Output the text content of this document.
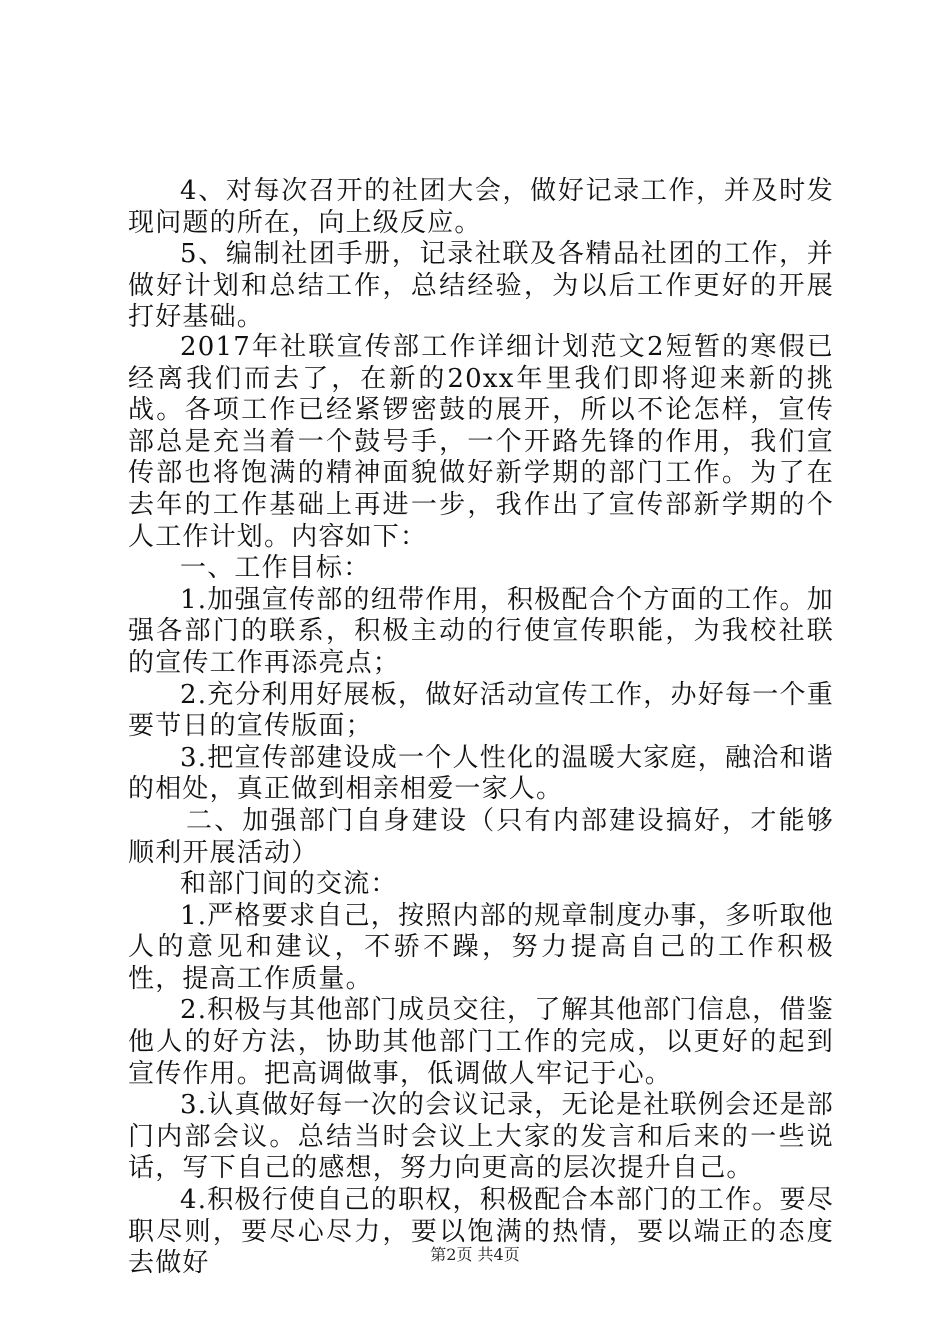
4、对每次召开的社团大会，做好记录工作，并及时发现问题的所在，向上级反应。

5、编制社团手册，记录社联及各精品社团的工作，并做好计划和总结工作，总结经验，为以后工作更好的开展打好基础。

2017年社联宣传部工作详细计划范文2短暂的寒假已经离我们而去了，在新的20xx年里我们即将迎来新的挑战。各项工作已经紧锣密鼓的展开，所以不论怎样，宣传部总是充当着一个鼓号手，一个开路先锋的作用，我们宣传部也将饱满的精神面貌做好新学期的部门工作。为了在去年的工作基础上再进一步，我作出了宣传部新学期的个人工作计划。内容如下：

一、工作目标：

1.加强宣传部的纽带作用，积极配合个方面的工作。加强各部门的联系，积极主动的行使宣传职能，为我校社联的宣传工作再添亮点；

2.充分利用好展板，做好活动宣传工作，办好每一个重要节日的宣传版面；

3.把宣传部建设成一个人性化的温暖大家庭，融洽和谐的相处，真正做到相亲相爱一家人。

二、加强部门自身建设（只有内部建设搞好，才能够顺利开展活动）

和部门间的交流：

1.严格要求自己，按照内部的规章制度办事，多听取他人的意见和建议，不骄不躁，努力提高自己的工作积极性，提高工作质量。

2.积极与其他部门成员交往，了解其他部门信息，借鉴他人的好方法，协助其他部门工作的完成，以更好的起到宣传作用。把高调做事，低调做人牢记于心。

3.认真做好每一次的会议记录，无论是社联例会还是部门内部会议。总结当时会议上大家的发言和后来的一些说话，写下自己的感想，努力向更高的层次提升自己。

4.积极行使自己的职权，积极配合本部门的工作。要尽职尽则，要尽心尽力，要以饱满的热情，要以端正的态度去做好	第2页 共4页
